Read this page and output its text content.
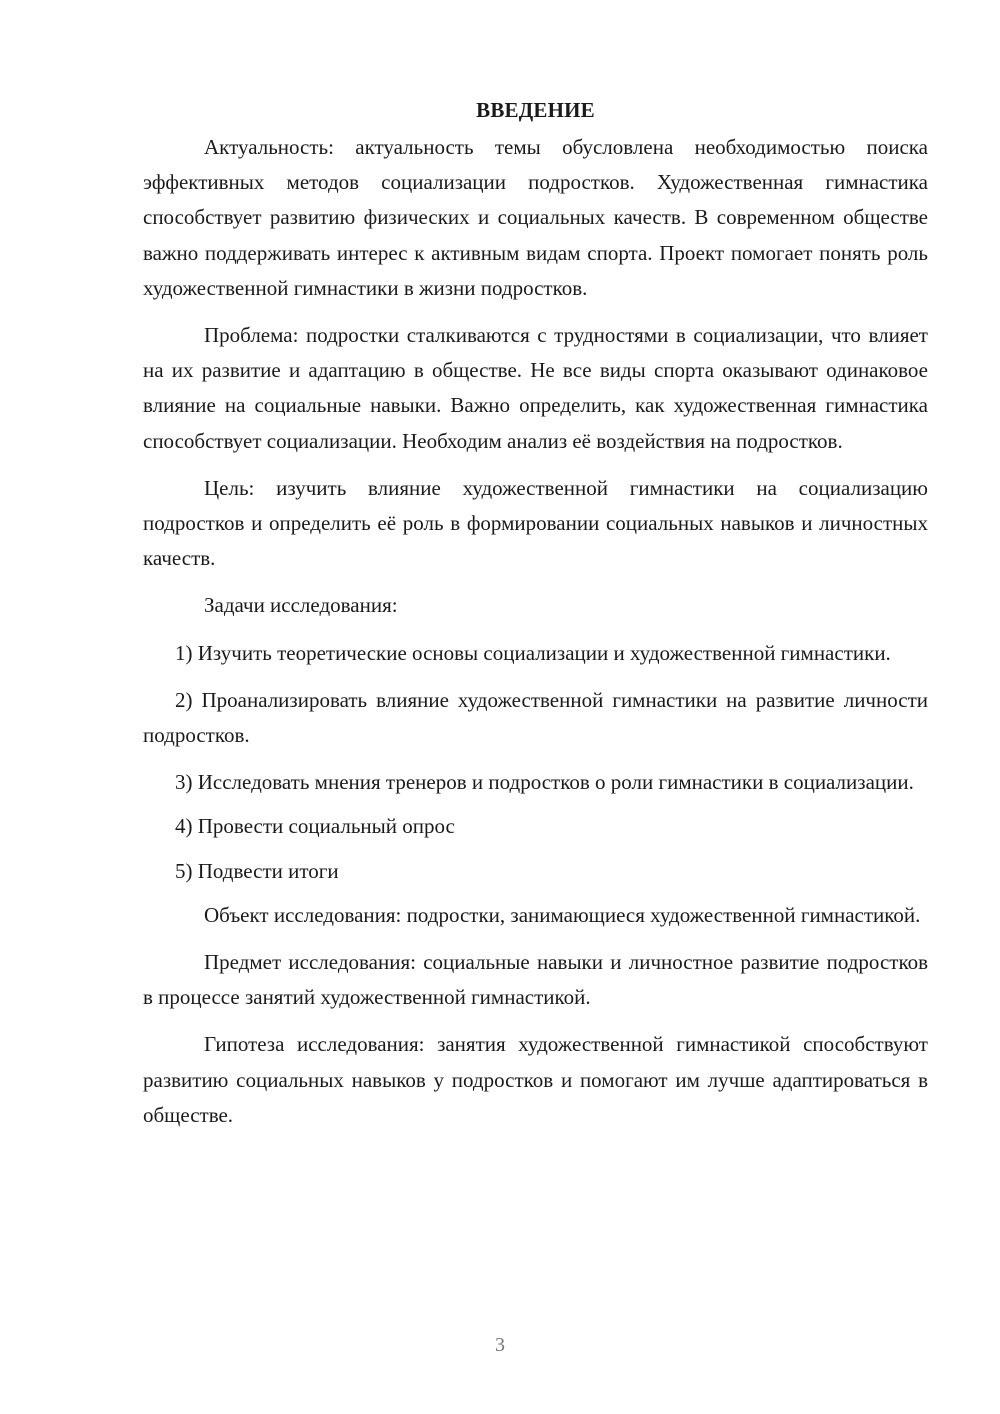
ВВЕДЕНИЕ

Актуальность: актуальность темы обусловлена необходимостью поиска эффективных методов социализации подростков. Художественная гимнастика способствует развитию физических и социальных качеств. В современном обществе важно поддерживать интерес к активным видам спорта. Проект помогает понять роль художественной гимнастики в жизни подростков.

Проблема: подростки сталкиваются с трудностями в социализации, что влияет на их развитие и адаптацию в обществе. Не все виды спорта оказывают одинаковое влияние на социальные навыки. Важно определить, как художественная гимнастика способствует социализации. Необходим анализ её воздействия на подростков.

Цель: изучить влияние художественной гимнастики на социализацию подростков и определить её роль в формировании социальных навыков и личностных качеств.

Задачи исследования:

1) Изучить теоретические основы социализации и художественной гимнастики.

2) Проанализировать влияние художественной гимнастики на развитие личности подростков.

3) Исследовать мнения тренеров и подростков о роли гимнастики в социализации.

4) Провести социальный опрос

5) Подвести итоги

Объект исследования: подростки, занимающиеся художественной гимнастикой.

Предмет исследования: социальные навыки и личностное развитие подростков в процессе занятий художественной гимнастикой.

Гипотеза исследования: занятия художественной гимнастикой способствуют развитию социальных навыков у подростков и помогают им лучше адаптироваться в обществе.

3
